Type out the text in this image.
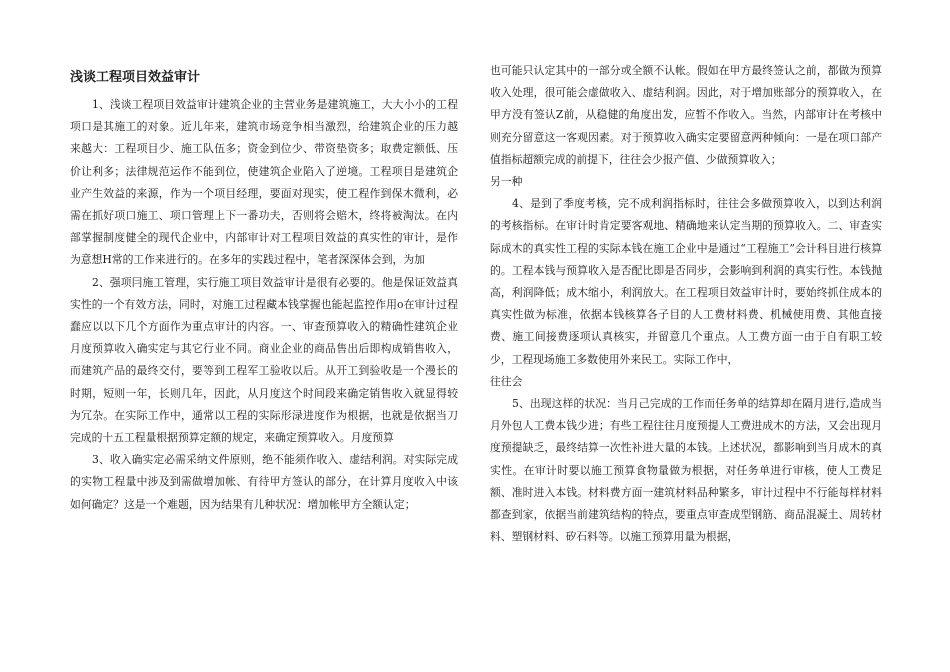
浅谈工程项目效益审计

1、浅谈工程项目效益审计建筑企业的主营业务是建筑施工，大大小小的工程项口是其施工的对象。近儿年来，建筑市场竞争相当激烈，给建筑企业的压力越来越大：工程项目少、施工队伍多；资金到位少、带资垫资多；取费定额低、压价让利多；法律规范运作不能到位，使建筑企业陷入了逆境。工程项目是建筑企业产生效益的来源，作为一个项目经理，要面对现实，使工程作到保木微利，必需在抓好项口施工、项口管理上下一番功夫，否则将会赔木，终将被淘汰。在内部掌握制度健全的现代企业中，内部审计对工程项目效益的真实性的审计，是作为意想H常的工作来进行的。在多年的实践过程中，笔者深深体会到，为加

2、强项冃施工管理，实行施工项目效益审计是很有必要的。他是保证效益真实性的一个有效方法，同时，对施工过程藏本钱掌握也能起监控作用ο在审计过程蠢应以以下几个方面作为重点审计的内容。一、审查预算收入的精确性建筑企业月度预算收入确实定与其它行业不同。商业企业的商品售出后即构成销售收入，而建筑产品的最终交付，要等到工程军工验收以后。从开工到验收是一个漫长的时期，短则一年，长则几年，因此，从月度这个时间段来确定销售收入就显得较为冗杂。在实际工作中，通常以工程的实际形渌进度作为根据，也就是依据当刀完成的十五工程量根据预算定额的规定，来确定预算收入。月度预算

3、收入确实定必需采纳文件原则，绝不能须作收入、虚结利润。对实际完成的实物工程量中涉及到需做增加帐、有待甲方签认的部分，在计算月度收入中该如何确定？这是一个难题，因为结果有儿种状况：增加帐甲方全额认定；

也可能只认定其中的一部分或全额不认帐。假如在甲方最终签认之前，都做为预算收入处理，很可能会虚做收入、虚结利润。因此，对于增加账部分的预算收入，在甲方没有签认Z前，从稳健的角度出发，应暂不作收入。当然，内部审计在考核中则充分留意这一客观因素。对于预算收入确实定要留意两种倾向：一是在项口部产值指标超额完成的前提下，往往会少报产值、少做预算收入；

另一种

4、是到了季度考核，完不成利润指标时，往往会多做预算收入，以到达利润的考核指标。在审计时肯定要客观地、精确地来认定当期的预算收入。二、审查实际成木的真实性工程的实际本钱在施工企业中是通过“工程施工”会计科目进行核算的。工程本钱与预算收入是否配比即是否同步，会影响到利润的真实行性。本钱抛高，利润降低；成木缩小，利润放大。在工程项目效益审计时，要始终抓住成本的真实性做为标准，依据本钱核算各子目的人工费材料费、机械使用费、其他直接费、施工间接费逐项认真核实，并留意几个重点。人工费方面一由于自有职工较少，工程现场施工多数使用外来民工。实际工作中，

往往会

5、出现这样的状况：当月己完成的工作而任务单的结算却在隔月进行,造成当月外包人工费本钱少进；有些工程往往月度预提人工费进成木的方法，又会出现月度预提缺乏，最终结算一次性补进大量的本钱。上述状况，都影响到当月成木的真实性。在审计时要以施工预算食物量做为根据，对任务单进行审核，使人工费足额、准时进入本钱。材料费方面一建筑材料品种繁多，审计过程中不行能每样材料都查到家，依据当前建筑结构的特点，要重点审查成型钢筋、商品混凝土、周转材料、塑钢材料、矽石料等。以施工预算用量为根据，
